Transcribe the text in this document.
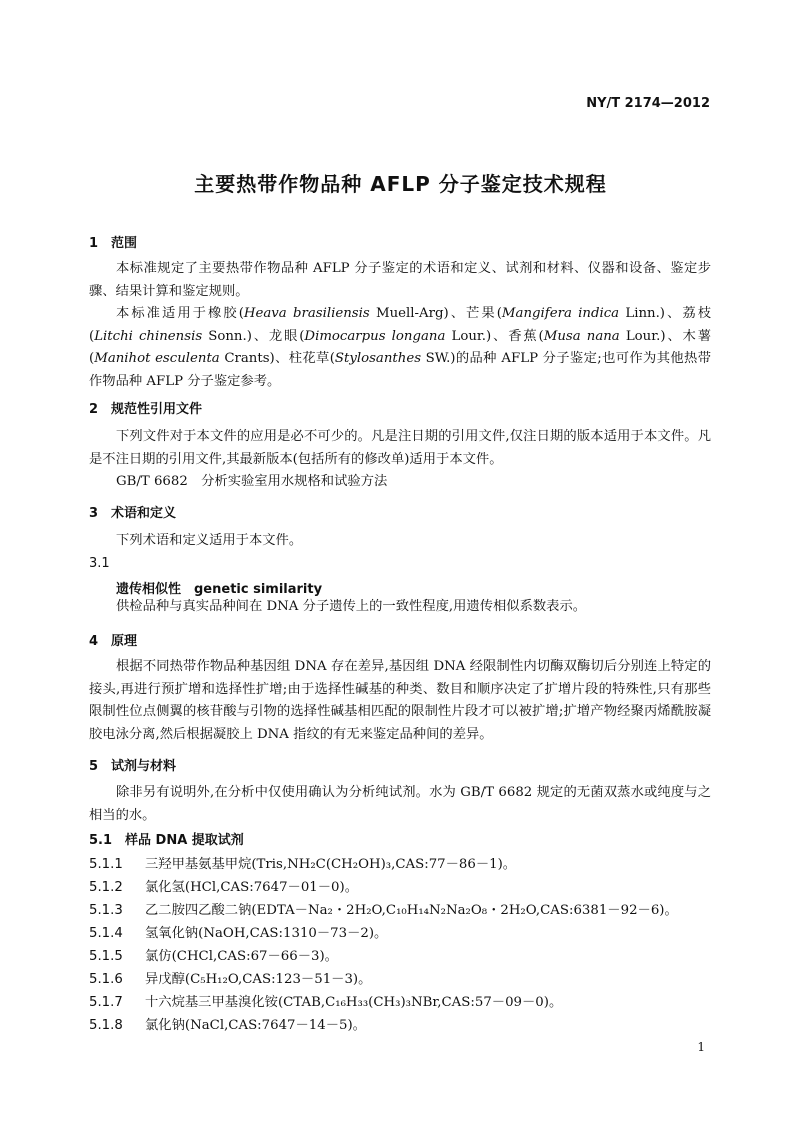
NY/T 2174—2012
主要热带作物品种 AFLP 分子鉴定技术规程
1 范围

本标准规定了主要热带作物品种 AFLP 分子鉴定的术语和定义、试剂和材料、仪器和设备、鉴定步骤、结果计算和鉴定规则。

本标准适用于橡胶(Heava brasiliensis Muell-Arg)、芒果(Mangifera indica Linn.)、荔枝(Litchi chinensis Sonn.)、龙眼(Dimocarpus longana Lour.)、香蕉(Musa nana Lour.)、木薯(Manihot esculenta Crants)、柱花草(Stylosanthes SW.)的品种 AFLP 分子鉴定;也可作为其他热带作物品种 AFLP 分子鉴定参考。

2 规范性引用文件

下列文件对于本文件的应用是必不可少的。凡是注日期的引用文件,仅注日期的版本适用于本文件。凡是不注日期的引用文件,其最新版本(包括所有的修改单)适用于本文件。

GB/T 6682　分析实验室用水规格和试验方法

3 术语和定义

下列术语和定义适用于本文件。

3.1
遗传相似性　genetic similarity

供检品种与真实品种间在 DNA 分子遗传上的一致性程度,用遗传相似系数表示。

4 原理

根据不同热带作物品种基因组 DNA 存在差异,基因组 DNA 经限制性内切酶双酶切后分别连上特定的接头,再进行预扩增和选择性扩增;由于选择性碱基的种类、数目和顺序决定了扩增片段的特殊性,只有那些限制性位点侧翼的核苷酸与引物的选择性碱基相匹配的限制性片段才可以被扩增;扩增产物经聚丙烯酰胺凝胶电泳分离,然后根据凝胶上 DNA 指纹的有无来鉴定品种间的差异。

5 试剂与材料

除非另有说明外,在分析中仅使用确认为分析纯试剂。水为 GB/T 6682 规定的无菌双蒸水或纯度与之相当的水。

5.1 样品 DNA 提取试剂
5.1.1 三羟甲基氨基甲烷(Tris,NH₂C(CH₂OH)₃,CAS:77－86－1)。
5.1.2 氯化氢(HCl,CAS:7647－01－0)。
5.1.3 乙二胺四乙酸二钠(EDTA－Na₂・2H₂O,C₁₀H₁₄N₂Na₂O₈・2H₂O,CAS:6381－92－6)。
5.1.4 氢氧化钠(NaOH,CAS:1310－73－2)。
5.1.5 氯仿(CHCl,CAS:67－66－3)。
5.1.6 异戊醇(C₅H₁₂O,CAS:123－51－3)。
5.1.7 十六烷基三甲基溴化铵(CTAB,C₁₆H₃₃(CH₃)₃NBr,CAS:57－09－0)。
5.1.8 氯化钠(NaCl,CAS:7647－14－5)。
1
